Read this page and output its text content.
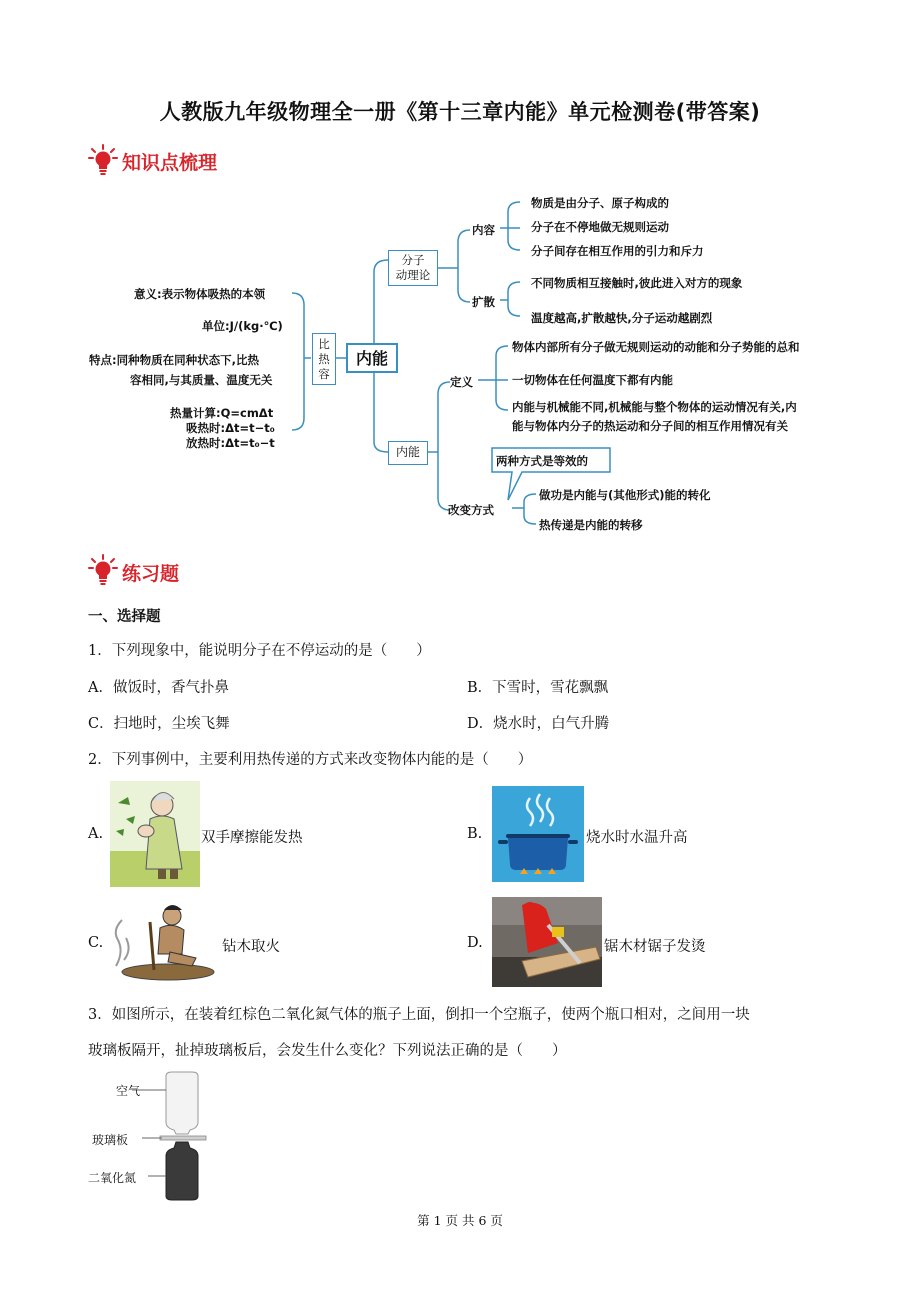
人教版九年级物理全一册《第十三章内能》单元检测卷(带答案)
知识点梳理
比热容
内能
分子
动理论
内能
意义:表示物体吸热的本领
单位:J/(kg·℃)
特点:同种物质在同种状态下,比热
容相同,与其质量、温度无关
热量计算:Q=cmΔt
吸热时:Δt=t−t₀
放热时:Δt=t₀−t
内容
物质是由分子、原子构成的
分子在不停地做无规则运动
分子间存在相互作用的引力和斥力
扩散
不同物质相互接触时,彼此进入对方的现象
温度越高,扩散越快,分子运动越剧烈
定义
物体内部所有分子做无规则运动的动能和分子势能的总和
一切物体在任何温度下都有内能
内能与机械能不同,机械能与整个物体的运动情况有关,内
能与物体内分子的热运动和分子间的相互作用情况有关
两种方式是等效的
改变方式
做功是内能与(其他形式)能的转化
热传递是内能的转移
练习题
一、选择题
1．下列现象中，能说明分子在不停运动的是（　　）
A．做饭时，香气扑鼻	B．下雪时，雪花飘飘
C．扫地时，尘埃飞舞	D．烧水时，白气升腾
2．下列事例中，主要利用热传递的方式来改变物体内能的是（　　）
A.	双手摩擦能发热	B.	烧水时水温升高
C.	钻木取火	D.	锯木材锯子发烫
3．如图所示，在装着红棕色二氧化氮气体的瓶子上面，倒扣一个空瓶子，使两个瓶口相对，之间用一块
玻璃板隔开，扯掉玻璃板后，会发生什么变化？下列说法正确的是（　　）
空气
玻璃板
二氧化氮
第 1 页 共 6 页
